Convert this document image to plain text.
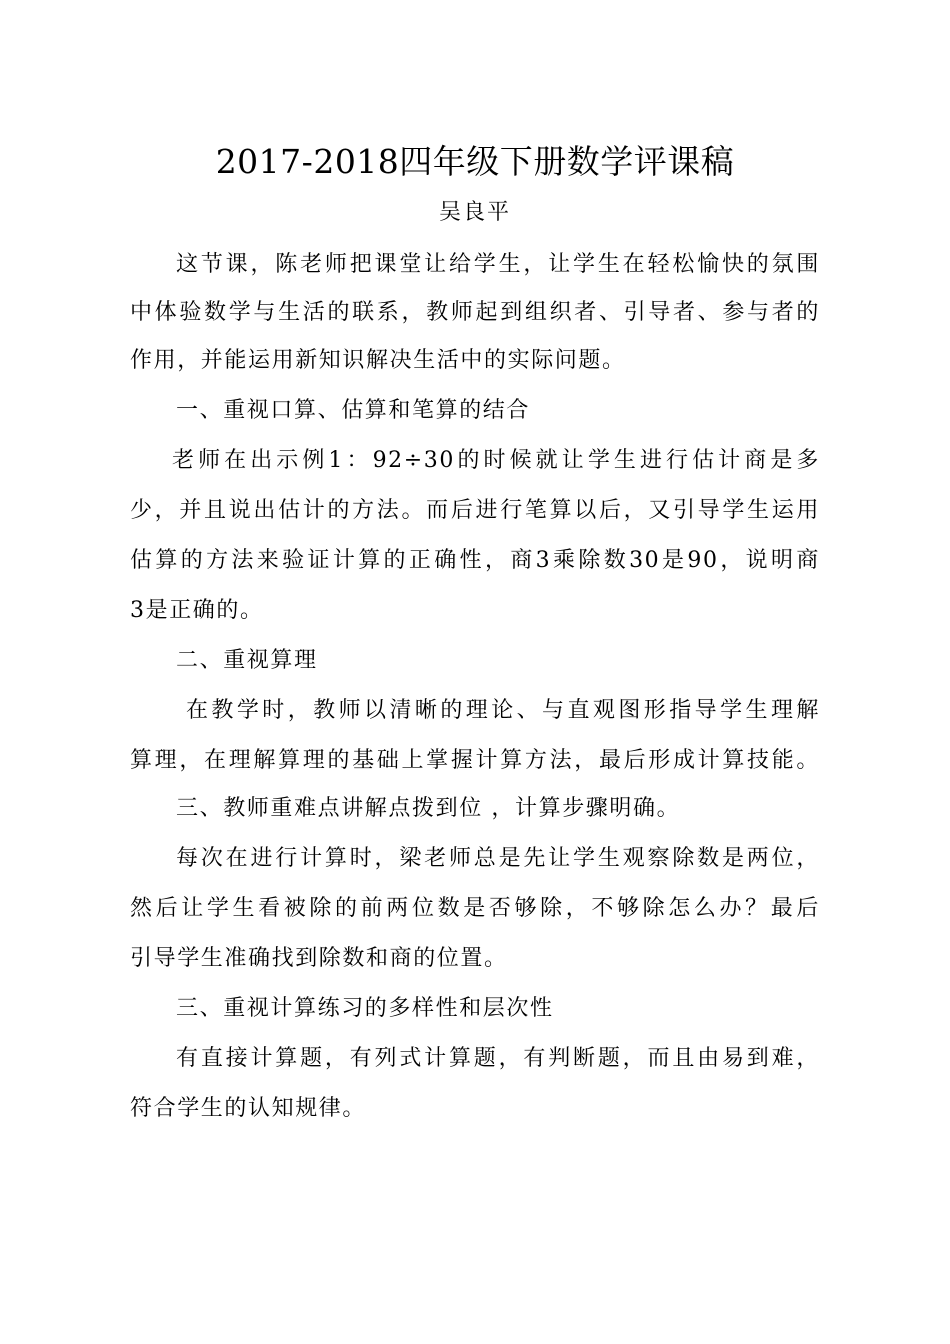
2017-2018四年级下册数学评课稿
吴良平
这节课，陈老师把课堂让给学生，让学生在轻松愉快的氛围
中体验数学与生活的联系，教师起到组织者、引导者、参与者的
作用，并能运用新知识解决生活中的实际问题。
一、重视口算、估算和笔算的结合
老师在出示例1：92÷30的时候就让学生进行估计商是多
少，并且说出估计的方法。而后进行笔算以后，又引导学生运用
估算的方法来验证计算的正确性，商3乘除数30是90，说明商
3是正确的。
二、重视算理
在教学时，教师以清晰的理论、与直观图形指导学生理解
算理，在理解算理的基础上掌握计算方法，最后形成计算技能。
三、教师重难点讲解点拨到位 ，计算步骤明确。
每次在进行计算时，梁老师总是先让学生观察除数是两位，
然后让学生看被除的前两位数是否够除，不够除怎么办？最后
引导学生准确找到除数和商的位置。
三、重视计算练习的多样性和层次性
有直接计算题，有列式计算题，有判断题，而且由易到难，
符合学生的认知规律。
